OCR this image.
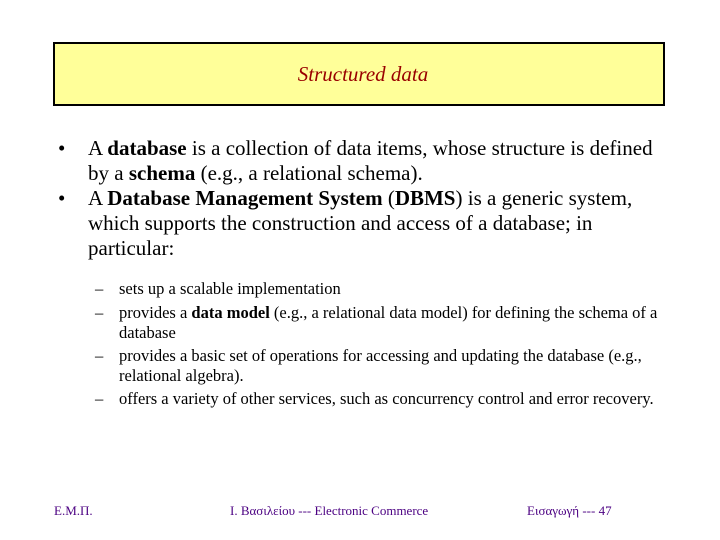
Structured data
•	A database is a collection of data items, whose structure is defined by a schema (e.g., a relational schema).
•	A Database Management System (DBMS) is a generic system, which supports the construction and access of a database; in particular:
– sets up a scalable implementation
– provides a data model (e.g., a relational data model) for defining the schema of a database
– provides a basic set of operations for accessing and updating the database (e.g., relational algebra).
– offers a variety of other services, such as concurrency control and error recovery.
Ε.Μ.Π.	Ι. Βασιλείου --- Electronic Commerce	Εισαγωγή --- 47
